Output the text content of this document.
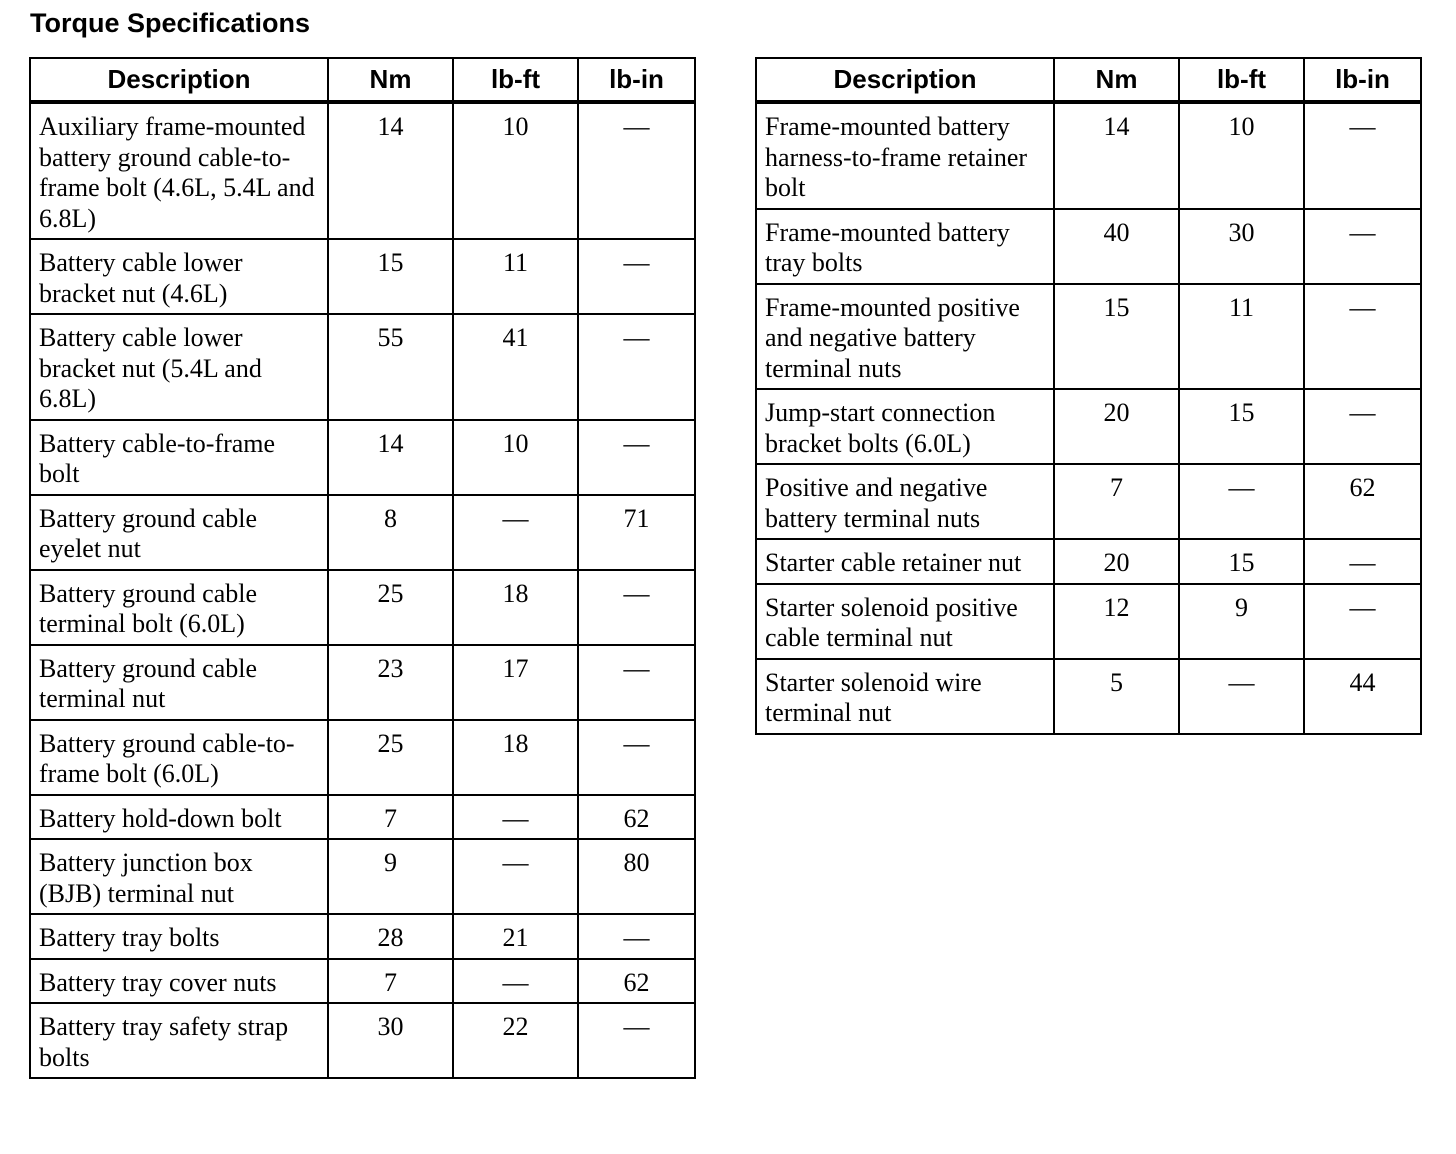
Torque Specifications
Description	Nm	lb-ft	lb-in
Auxiliary frame-mounted battery ground cable-to-frame bolt (4.6L, 5.4L and 6.8L)	14	10	—
Battery cable lower bracket nut (4.6L)	15	11	—
Battery cable lower bracket nut (5.4L and 6.8L)	55	41	—
Battery cable-to-frame bolt	14	10	—
Battery ground cable eyelet nut	8	—	71
Battery ground cable terminal bolt (6.0L)	25	18	—
Battery ground cable terminal nut	23	17	—
Battery ground cable-to-frame bolt (6.0L)	25	18	—
Battery hold-down bolt	7	—	62
Battery junction box (BJB) terminal nut	9	—	80
Battery tray bolts	28	21	—
Battery tray cover nuts	7	—	62
Battery tray safety strap bolts	30	22	—
Description	Nm	lb-ft	lb-in
Frame-mounted battery harness-to-frame retainer bolt	14	10	—
Frame-mounted battery tray bolts	40	30	—
Frame-mounted positive and negative battery terminal nuts	15	11	—
Jump-start connection bracket bolts (6.0L)	20	15	—
Positive and negative battery terminal nuts	7	—	62
Starter cable retainer nut	20	15	—
Starter solenoid positive cable terminal nut	12	9	—
Starter solenoid wire terminal nut	5	—	44
